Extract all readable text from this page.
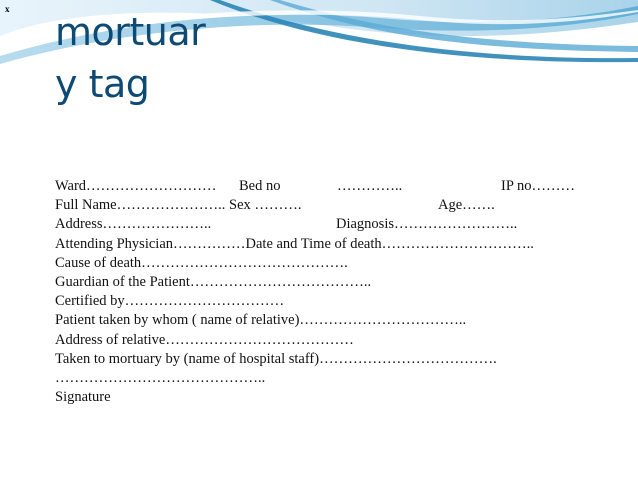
x
mortuar
y tag
Ward……………………… Bed no	…………..	IP no………
Full Name………………….. Sex ……….	Age…….
Address…………………..	Diagnosis……………………..
Attending Physician……………Date and Time of death…………………………..
Cause of death…………………………………….
Guardian of the Patient………………………………..
Certified by……………………………
Patient taken by whom ( name of relative)……………………………..
Address of relative…………………………………
Taken to mortuary by (name of hospital staff)……………………………….
……………………………………..
Signature
